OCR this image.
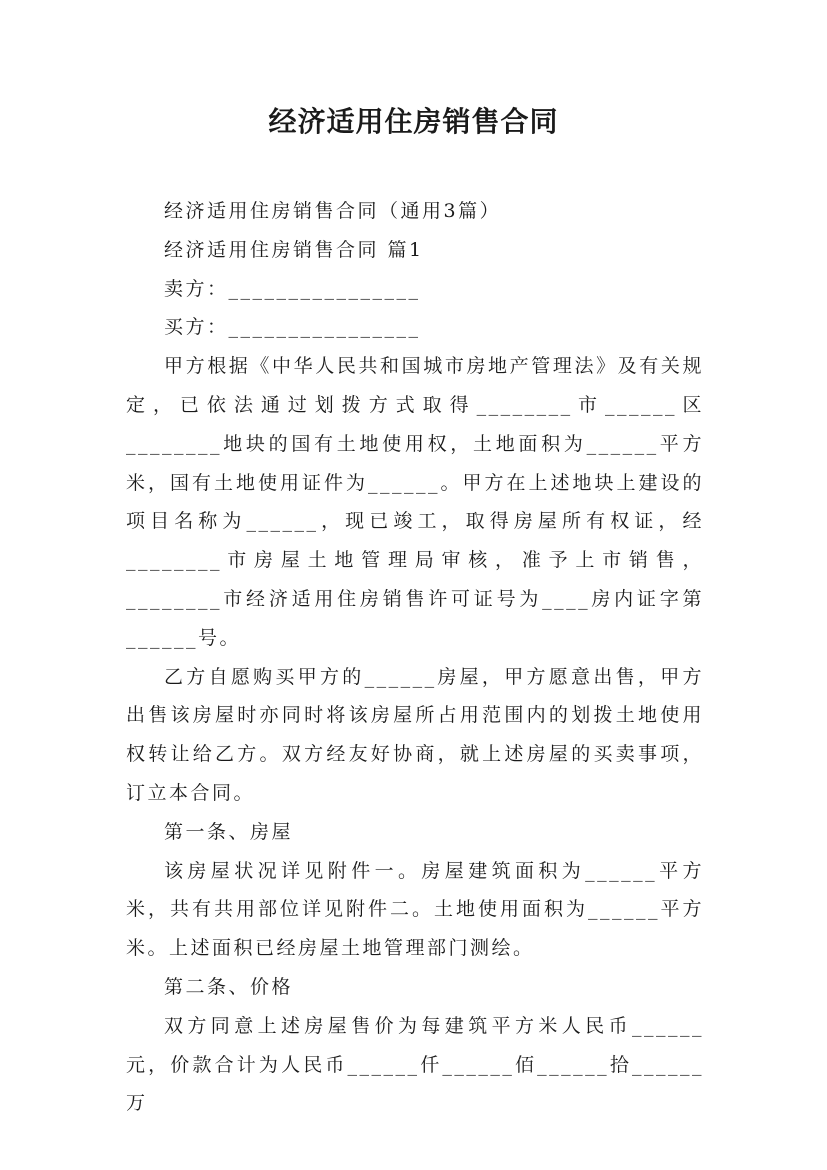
经济适用住房销售合同

经济适用住房销售合同（通用3篇）

经济适用住房销售合同 篇1

卖方：________________

买方：________________

甲方根据《中华人民共和国城市房地产管理法》及有关规定，已依法通过划拨方式取得________市______区________地块的国有土地使用权，土地面积为______平方米，国有土地使用证件为______。甲方在上述地块上建设的项目名称为______，现已竣工，取得房屋所有权证，经________市房屋土地管理局审核，准予上市销售，________市经济适用住房销售许可证号为____房内证字第______号。

乙方自愿购买甲方的______房屋，甲方愿意出售，甲方出售该房屋时亦同时将该房屋所占用范围内的划拨土地使用权转让给乙方。双方经友好协商，就上述房屋的买卖事项，订立本合同。

第一条、房屋

该房屋状况详见附件一。房屋建筑面积为______平方米，共有共用部位详见附件二。土地使用面积为______平方米。上述面积已经房屋土地管理部门测绘。

第二条、价格

双方同意上述房屋售价为每建筑平方米人民币______元，价款合计为人民币______仟______佰______拾______万
